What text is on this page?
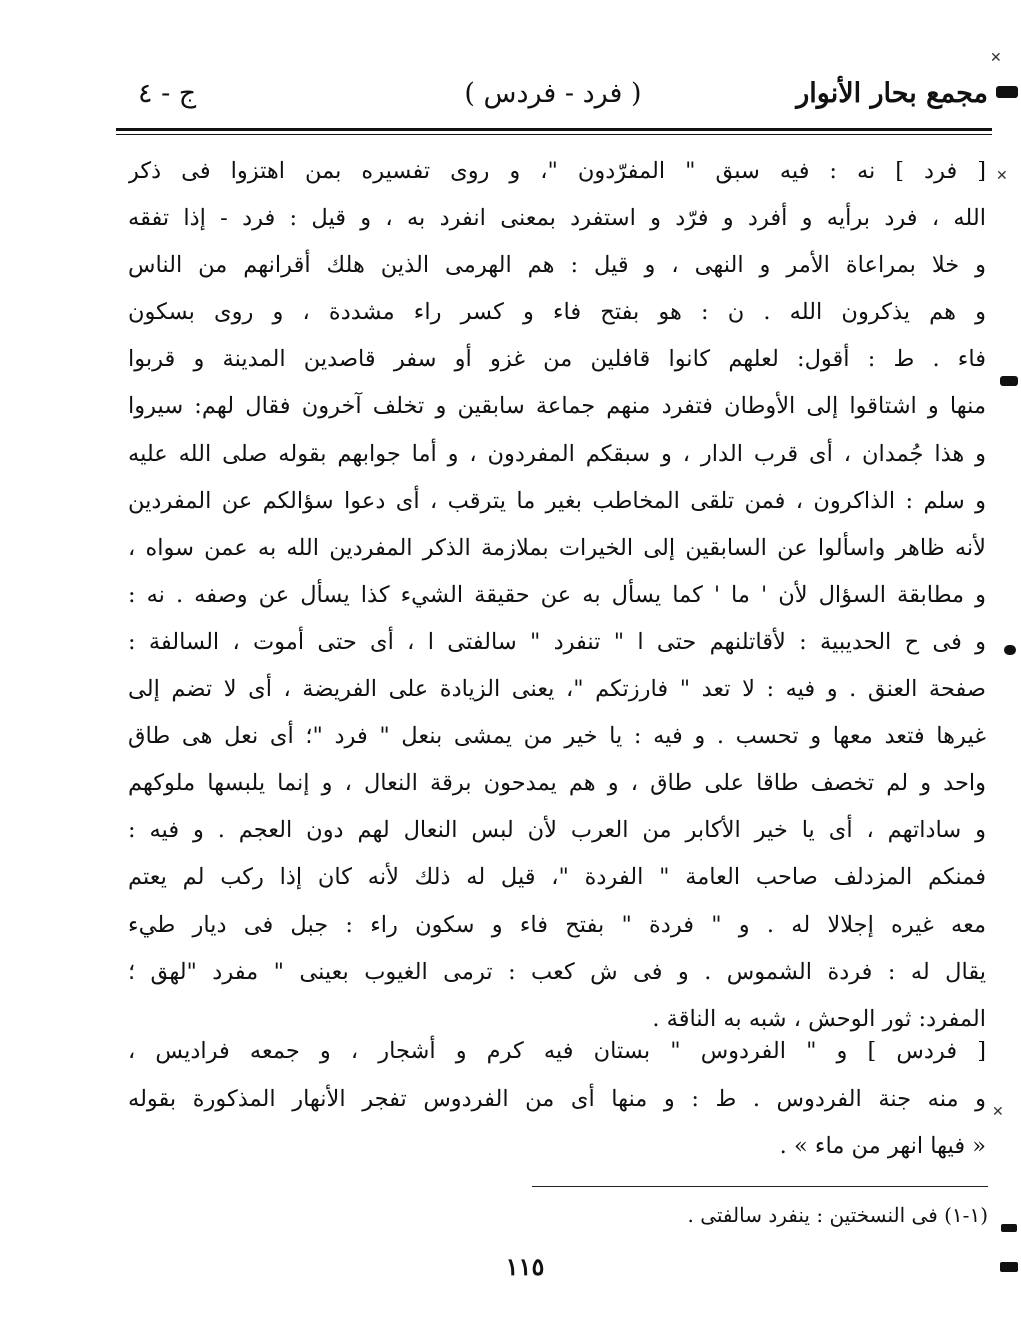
مجمع بحار الأنوار
( فرد - فردس )
ج - ٤
[ فرد ] نه : فيه سبق " المفرّدون "، و روى تفسيره بمن اهتزوا فى ذكر
الله ، فرد برأيه و أفرد و فرّد و استفرد بمعنى انفرد به ، و قيل : فرد - إذا تفقه
و خلا بمراعاة الأمر و النهى ، و قيل : هم الهرمى الذين هلك أقرانهم من الناس
و هم يذكرون الله . ن : هو بفتح فاء و كسر راء مشددة ، و روى بسكون
فاء . ط : أقول: لعلهم كانوا قافلين من غزو أو سفر قاصدين المدينة و قربوا
منها و اشتاقوا إلى الأوطان فتفرد منهم جماعة سابقين و تخلف آخرون فقال لهم: سيروا
و هذا جُمدان ، أى قرب الدار ، و سبقكم المفردون ، و أما جوابهم بقوله صلى الله عليه
و سلم : الذاكرون ، فمن تلقى المخاطب بغير ما يترقب ، أى دعوا سؤالكم عن المفردين
لأنه ظاهر واسألوا عن السابقين إلى الخيرات بملازمة الذكر المفردين الله به عمن سواه ،
و مطابقة السؤال لأن ' ما ' كما يسأل به عن حقيقة الشيء كذا يسأل عن وصفه . نه :
و فى ح الحديبية : لأقاتلنهم حتى ا " تنفرد " سالفتى ا ، أى حتى أموت ، السالفة :
صفحة العنق . و فيه : لا تعد " فارزتكم "، يعنى الزيادة على الفريضة ، أى لا تضم إلى
غيرها فتعد معها و تحسب . و فيه : يا خير من يمشى بنعل " فرد "؛ أى نعل هى طاق
واحد و لم تخصف طاقا على طاق ، و هم يمدحون برقة النعال ، و إنما يلبسها ملوكهم
و ساداتهم ، أى يا خير الأكابر من العرب لأن لبس النعال لهم دون العجم . و فيه :
فمنكم المزدلف صاحب العامة " الفردة "، قيل له ذلك لأنه كان إذا ركب لم يعتم
معه غيره إجلالا له . و " فردة " بفتح فاء و سكون راء : جبل فى ديار طيء
يقال له : فردة الشموس . و فى ش كعب : ترمى الغيوب بعينى " مفرد "لهق ؛
المفرد: ثور الوحش ، شبه به الناقة .
[ فردس ] و " الفردوس " بستان فيه كرم و أشجار ، و جمعه فراديس ،
و منه جنة الفردوس . ط : و منها أى من الفردوس تفجر الأنهار المذكورة بقوله
« فيها انهر من ماء » .
(١-١) فى النسختين : ينفرد سالفتى .
١١٥
✕
✕
✕
